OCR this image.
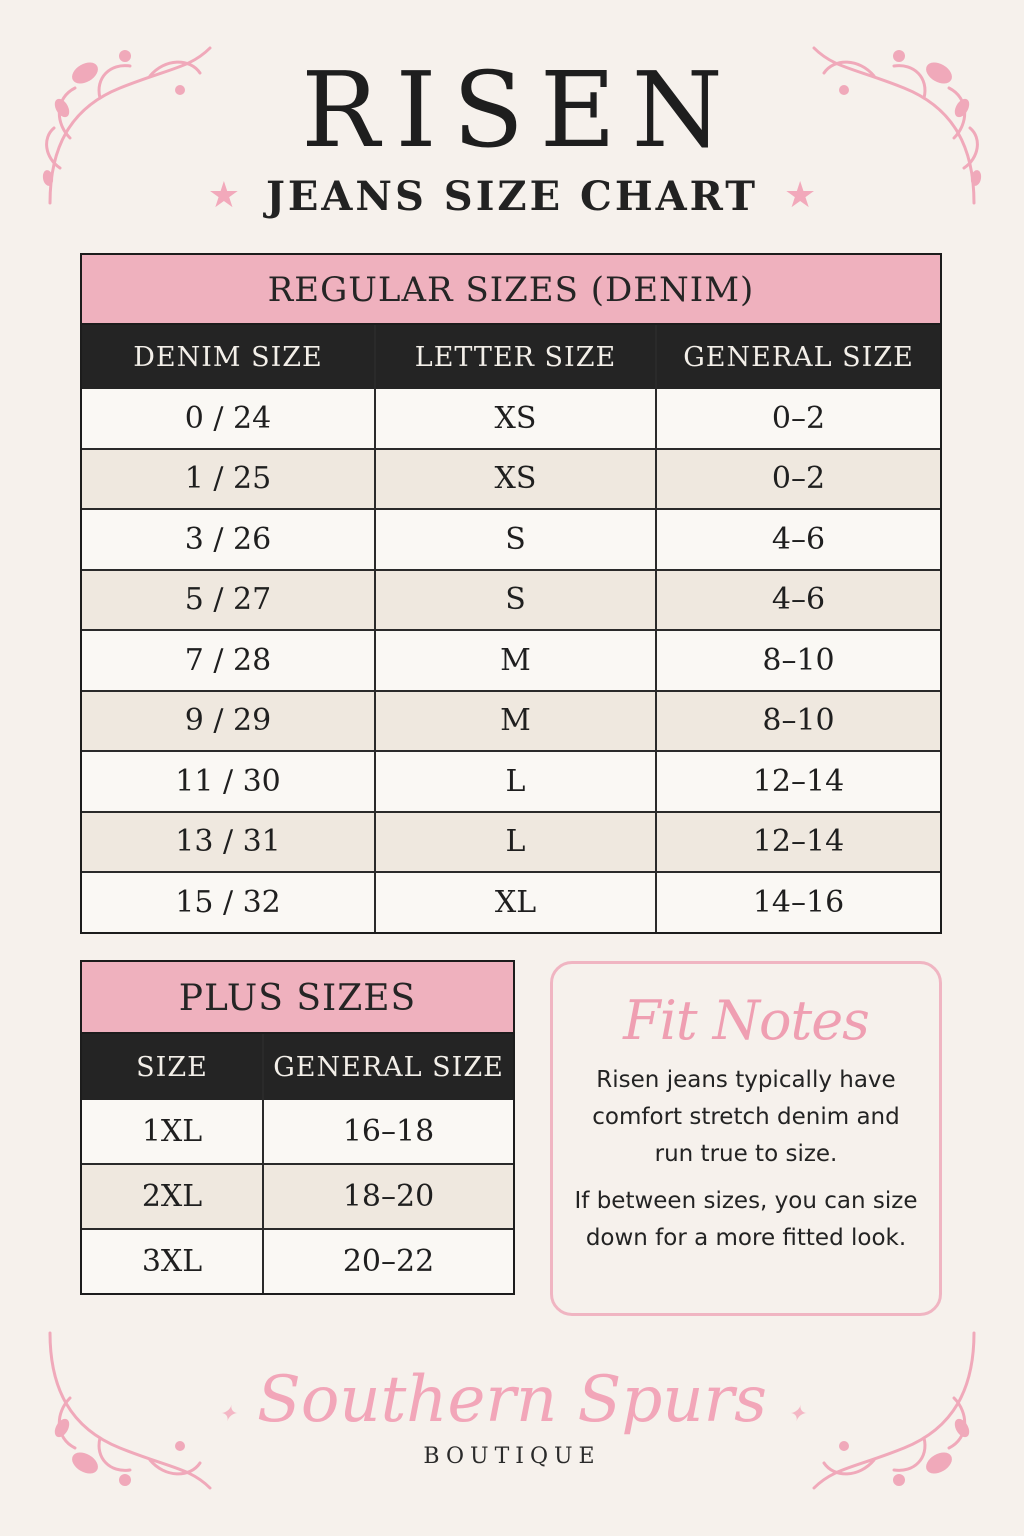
RISEN
★ JEANS SIZE CHART ★
REGULAR SIZES (DENIM)
DENIM SIZE	LETTER SIZE	GENERAL SIZE
0 / 24	XS	0–2
1 / 25	XS	0–2
3 / 26	S	4–6
5 / 27	S	4–6
7 / 28	M	8–10
9 / 29	M	8–10
11 / 30	L	12–14
13 / 31	L	12–14
15 / 32	XL	14–16
PLUS SIZES
SIZE	GENERAL SIZE
1XL	16–18
2XL	18–20
3XL	20–22
Fit Notes
Risen jeans typically have comfort stretch denim and run true to size.
If between sizes, you can size down for a more fitted look.
✦ Southern Spurs ✦
BOUTIQUE
